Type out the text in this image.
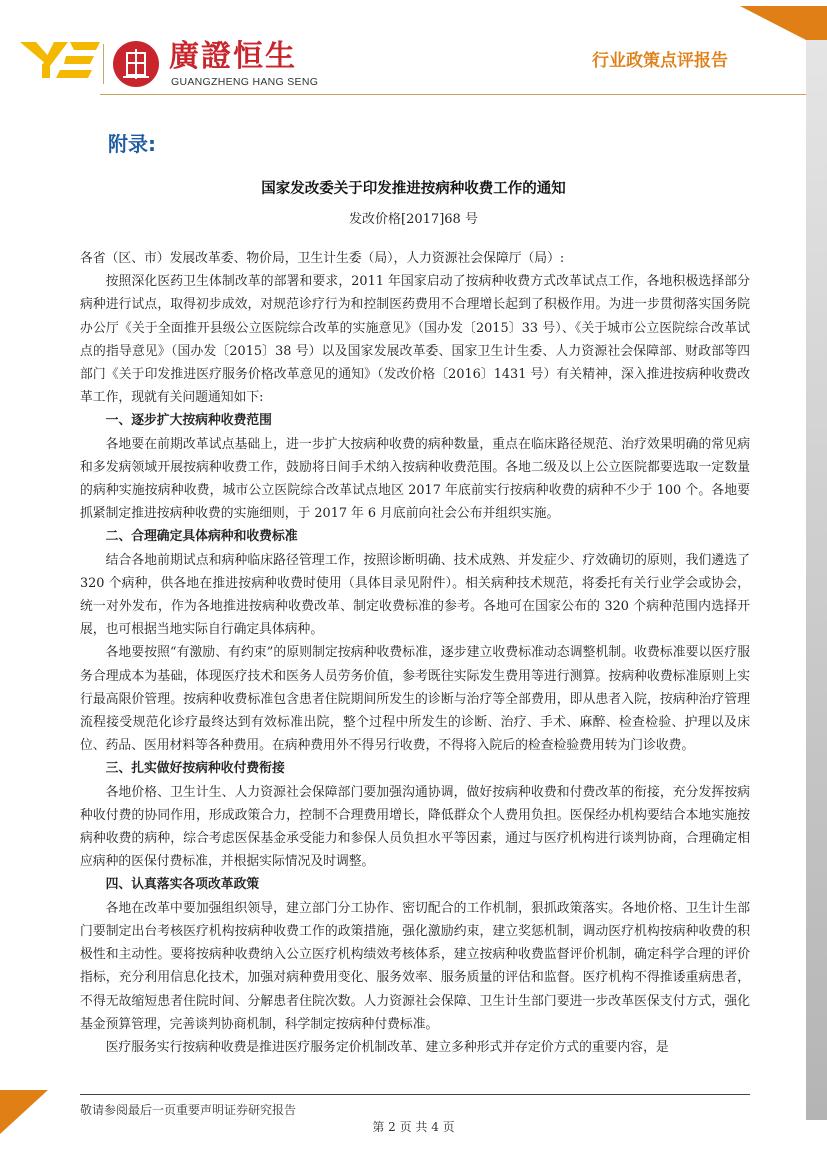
廣證恒生
GUANGZHENG HANG SENG
行业政策点评报告
附录:
国家发改委关于印发推进按病种收费工作的通知
发改价格[2017]68 号

各省（区、市）发展改革委、物价局，卫生计生委（局），人力资源社会保障厅（局）:

按照深化医药卫生体制改革的部署和要求，2011 年国家启动了按病种收费方式改革试点工作，各地积极选择部分病种进行试点，取得初步成效，对规范诊疗行为和控制医药费用不合理增长起到了积极作用。为进一步贯彻落实国务院办公厅《关于全面推开县级公立医院综合改革的实施意见》（国办发〔2015〕33 号）、《关于城市公立医院综合改革试点的指导意见》（国办发〔2015〕38 号）以及国家发展改革委、国家卫生计生委、人力资源社会保障部、财政部等四部门《关于印发推进医疗服务价格改革意见的通知》（发改价格〔2016〕1431 号）有关精神，深入推进按病种收费改革工作，现就有关问题通知如下:

一、逐步扩大按病种收费范围

各地要在前期改革试点基础上，进一步扩大按病种收费的病种数量，重点在临床路径规范、治疗效果明确的常见病和多发病领域开展按病种收费工作，鼓励将日间手术纳入按病种收费范围。各地二级及以上公立医院都要选取一定数量的病种实施按病种收费，城市公立医院综合改革试点地区 2017 年底前实行按病种收费的病种不少于 100 个。各地要抓紧制定推进按病种收费的实施细则，于 2017 年 6 月底前向社会公布并组织实施。

二、合理确定具体病种和收费标准

结合各地前期试点和病种临床路径管理工作，按照诊断明确、技术成熟、并发症少、疗效确切的原则，我们遴选了 320 个病种，供各地在推进按病种收费时使用（具体目录见附件）。相关病种技术规范，将委托有关行业学会或协会，统一对外发布，作为各地推进按病种收费改革、制定收费标准的参考。各地可在国家公布的 320 个病种范围内选择开展，也可根据当地实际自行确定具体病种。

各地要按照“有激励、有约束”的原则制定按病种收费标准，逐步建立收费标准动态调整机制。收费标准要以医疗服务合理成本为基础，体现医疗技术和医务人员劳务价值，参考既往实际发生费用等进行测算。按病种收费标准原则上实行最高限价管理。按病种收费标准包含患者住院期间所发生的诊断与治疗等全部费用，即从患者入院，按病种治疗管理流程接受规范化诊疗最终达到有效标准出院，整个过程中所发生的诊断、治疗、手术、麻醉、检查检验、护理以及床位、药品、医用材料等各种费用。在病种费用外不得另行收费，不得将入院后的检查检验费用转为门诊收费。

三、扎实做好按病种收付费衔接

各地价格、卫生计生、人力资源社会保障部门要加强沟通协调，做好按病种收费和付费改革的衔接，充分发挥按病种收付费的协同作用，形成政策合力，控制不合理费用增长，降低群众个人费用负担。医保经办机构要结合本地实施按病种收费的病种，综合考虑医保基金承受能力和参保人员负担水平等因素，通过与医疗机构进行谈判协商，合理确定相应病种的医保付费标准，并根据实际情况及时调整。

四、认真落实各项改革政策

各地在改革中要加强组织领导，建立部门分工协作、密切配合的工作机制，狠抓政策落实。各地价格、卫生计生部门要制定出台考核医疗机构按病种收费工作的政策措施，强化激励约束，建立奖惩机制，调动医疗机构按病种收费的积极性和主动性。要将按病种收费纳入公立医疗机构绩效考核体系，建立按病种收费监督评价机制，确定科学合理的评价指标，充分利用信息化技术，加强对病种费用变化、服务效率、服务质量的评估和监督。医疗机构不得推诿重病患者，不得无故缩短患者住院时间、分解患者住院次数。人力资源社会保障、卫生计生部门要进一步改革医保支付方式，强化基金预算管理，完善谈判协商机制，科学制定按病种付费标准。

医疗服务实行按病种收费是推进医疗服务定价机制改革、建立多种形式并存定价方式的重要内容，是

敬请参阅最后一页重要声明证券研究报告
第 2 页 共 4 页
